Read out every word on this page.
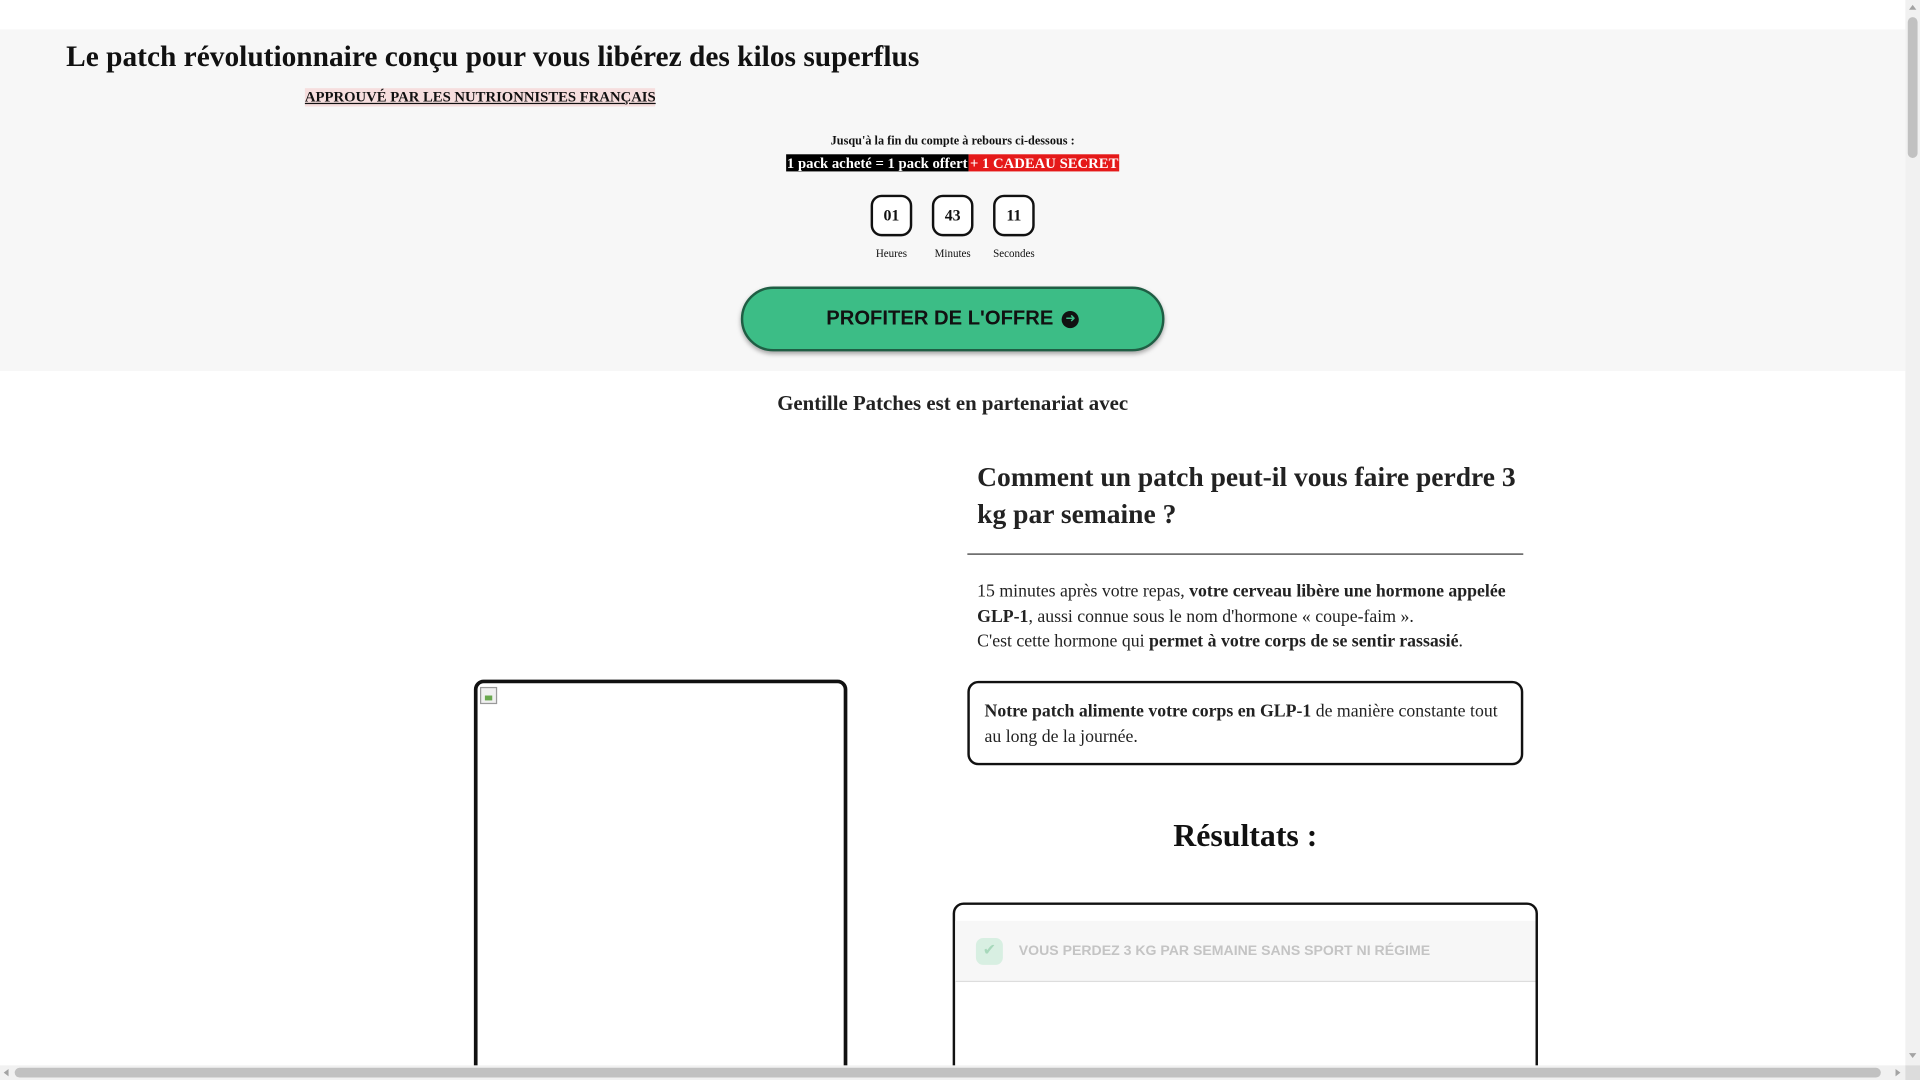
Le patch révolutionnaire conçu pour vous libérez des kilos superflus
APPROUVÉ PAR LES NUTRIONNISTES FRANÇAIS
Jusqu'à la fin du compte à rebours ci-dessous :
1 pack acheté = 1 pack offert + 1 CADEAU SECRET
01
Heures
43
Minutes
11
Secondes
PROFITER DE L'OFFRE	➜
Gentille Patches est en partenariat avec
Comment un patch peut-il vous faire perdre 3 kg par semaine ?
15 minutes après votre repas, votre cerveau libère une hormone appelée GLP-1, aussi connue sous le nom d'hormone « coupe-faim ».
C'est cette hormone qui permet à votre corps de se sentir rassasié.
Notre patch alimente votre corps en GLP-1 de manière constante tout au long de la journée.
Résultats :
✔	VOUS PERDEZ 3 KG PAR SEMAINE SANS SPORT NI RÉGIME
